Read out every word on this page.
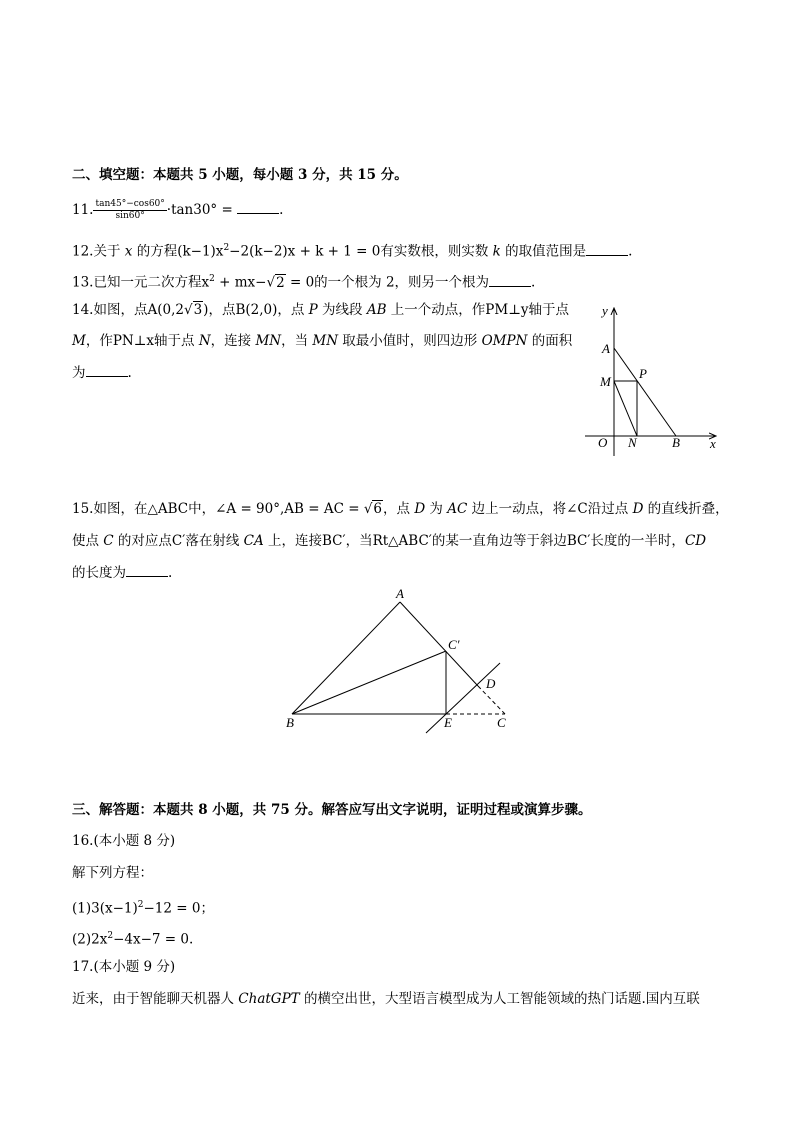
二、填空题：本题共 5 小题，每小题 3 分，共 15 分。
11. $\frac{\tan 45^\circ-\cos 60^\circ}{\sin 60^\circ} \cdot\tan 30^\circ$ =	.
12.关于 x 的方程$(k-1)x^2-2(k-2)x + k + 1 = 0$有实数根，则实数 k 的取值范围是	.
13.已知一元二次方程$x^2 + mx-√2 = 0$的一个根为 2，则另一个根为	.
14.如图，点A(0,2√3)，点B(2,0)，点 P 为线段 AB 上一个动点，作PM⊥y轴于点
M，作PN⊥x轴于点 N，连接 MN，当 MN 取最小值时，则四边形 OMPN 的面积
为	.
y
x
A
M
P
O N	B
15.如图，在△ABC中，∠A = 90°,AB = AC = √6，点 D 为 AC 边上一动点，将∠C沿过点 D 的直线折叠，
使点 C 的对应点C′落在射线 CA 上，连接BC′，当Rt△ABC′的某一直角边等于斜边BC′长度的一半时，CD
的长度为	.
A
C′
D
B	E	C
三、解答题：本题共 8 小题，共 75 分。解答应写出文字说明，证明过程或演算步骤。
16.(本小题 8 分)
解下列方程：
$(1)3(x-1)^2-12 = 0$；
$(2)2x^2-4x-7 = 0$.
17.(本小题 9 分)
近来，由于智能聊天机器人 ChatGPT 的横空出世，大型语言模型成为人工智能领域的热门话题.国内互联
